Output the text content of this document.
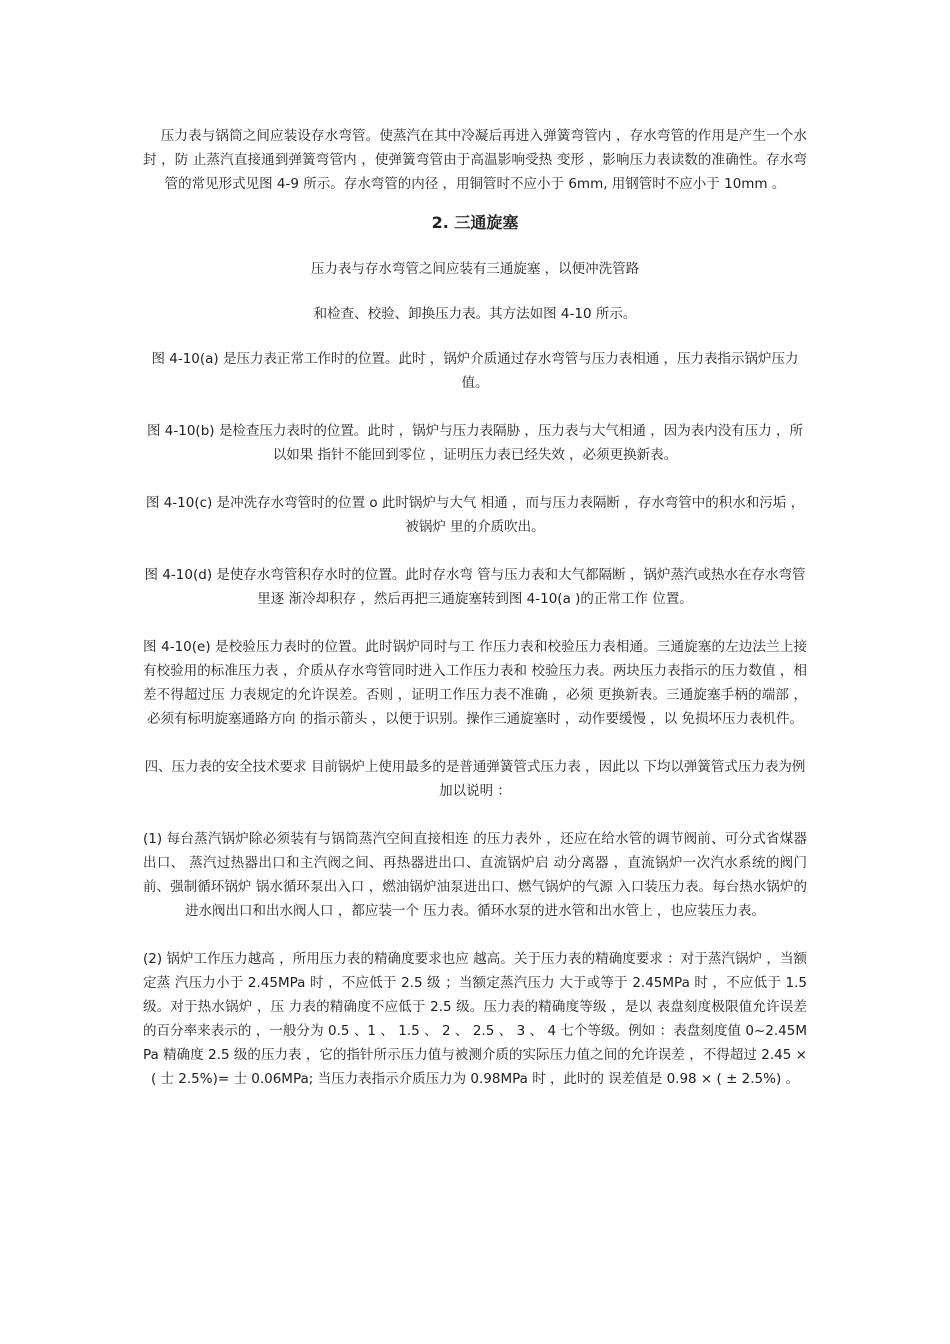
压力表与锅筒之间应装设存水弯管。使蒸汽在其中冷凝后再进入弹簧弯管内 ，存水弯管的作用是产生一个水封 ，防 止蒸汽直接通到弹簧弯管内 ，使弹簧弯管由于高温影响受热 变形 ，影响压力表读数的准确性。存水弯管的常见形式见图 4-9 所示。存水弯管的内径 ，用铜管时不应小于 6mm, 用钢管时不应小于 10mm 。

2. 三通旋塞

压力表与存水弯管之间应装有三通旋塞 ，以便冲洗管路

和检查、校验、卸换压力表。其方法如图 4-10 所示。

图 4-10(a) 是压力表正常工作时的位置。此时 ，锅炉介质通过存水弯管与压力表相通 ，压力表指示锅炉压力值。

图 4-10(b) 是检查压力表时的位置。此时 ，锅炉与压力表隔胁 ，压力表与大气相通 ，因为表内没有压力 ，所以如果 指针不能回到零位 ，证明压力表已经失效 ，必须更换新表。

图 4-10(c) 是冲洗存水弯管时的位置 o 此时锅炉与大气 相通 ，而与压力表隔断 ，存水弯管中的积水和污垢 ，被锅炉 里的介质吹出。

图 4-10(d) 是使存水弯管积存水时的位置。此时存水弯 管与压力表和大气都隔断 ，锅炉蒸汽或热水在存水弯管里逐 渐冷却积存 ，然后再把三通旋塞转到图 4-10(a )的正常工作 位置。

图 4-10(e) 是校验压力表时的位置。此时锅炉同时与工 作压力表和校验压力表相通。三通旋塞的左边法兰上接有校验用的标准压力表 ，介质从存水弯管同时进入工作压力表和 校验压力表。两块压力表指示的压力数值 ，相差不得超过压 力表规定的允许误差。否则 ，证明工作压力表不准确 ，必须 更换新表。三通旋塞手柄的端部 ，必须有标明旋塞通路方向 的指示箭头 ，以便于识别。操作三通旋塞时 ，动作要缓慢 ，以 免损坏压力表机件。

四、压力表的安全技术要求 目前锅炉上使用最多的是普通弹簧管式压力表 ，因此以 下均以弹簧管式压力表为例加以说明 ：

(1) 每台蒸汽锅炉除必须装有与锅筒蒸汽空间直接相连 的压力表外 ，还应在给水管的调节阀前、可分式省煤器出口、 蒸汽过热器出口和主汽阀之间、再热器进出口、直流锅炉启 动分离器 ，直流锅炉一次汽水系统的阀门前、强制循环锅炉 锅水循环泵出入口 ，燃油锅炉油泵进出口、燃气锅炉的气源 入口装压力表。每台热水锅炉的进水阀出口和出水阀人口 ，都应装一个 压力表。循环水泵的进水管和出水管上 ，也应装压力表。

(2) 锅炉工作压力越高 ，所用压力表的精确度要求也应 越高。关于压力表的精确度要求 ：对于蒸汽锅炉 ，当额定蒸 汽压力小于 2.45MPa 时 ，不应低于 2.5 级 ；当额定蒸汽压力 大于或等于 2.45MPa 时 ，不应低于 1.5 级。对于热水锅炉 ，压 力表的精确度不应低于 2.5 级。压力表的精确度等级 ，是以 表盘刻度极限值允许误差的百分率来表示的 ，一般分为 0.5 、1 、 1.5 、 2 、 2.5 、 3 、 4 七个等级。例如 ：表盘刻度值 0~2.45MPa 精确度 2.5 级的压力表 ，它的指针所示压力值与被测介质的实际压力值之间的允许误差 ，不得超过 2.45 × ( 士 2.5%)= 士 0.06MPa; 当压力表指示介质压力为 0.98MPa 时 ，此时的 误差值是 0.98 × ( ± 2.5%) 。
